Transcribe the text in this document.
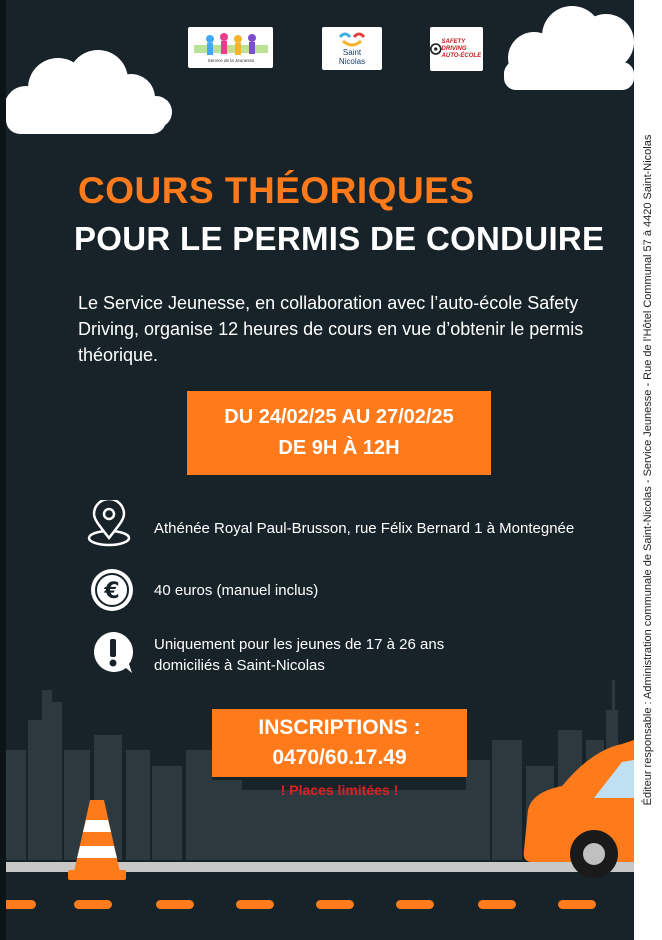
Service de la Jeunesse
Saint
Nicolas
SAFETY DRIVING
AUTO-ÉCOLE
COURS THÉORIQUES
POUR LE PERMIS DE CONDUIRE
Le Service Jeunesse, en collaboration avec l’auto-école Safety Driving, organise 12 heures de cours en vue d’obtenir le permis théorique.
DU 24/02/25 AU 27/02/25
DE 9H À 12H
Athénée Royal Paul-Brusson, rue Félix Bernard 1 à Montegnée
€ 40 euros (manuel inclus)
Uniquement pour les jeunes de 17 à 26 ans
domiciliés à Saint-Nicolas
INSCRIPTIONS :
0470/60.17.49
! Places limitées !	Éditeur responsable : Administration communale de Saint-Nicolas - Service Jeunesse - Rue de l’Hôtel Communal 57 à 4420 Saint-Nicolas
